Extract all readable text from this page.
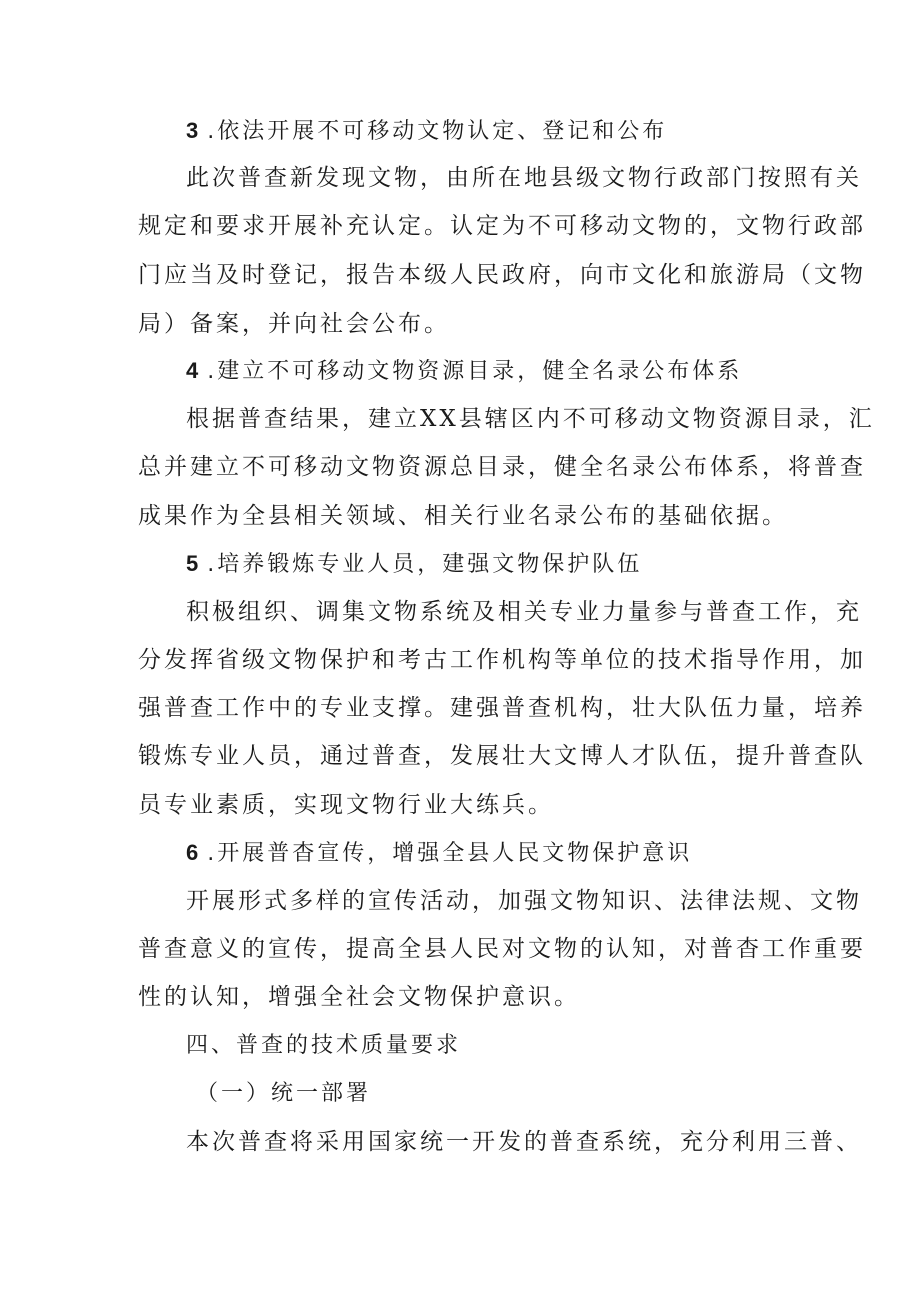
3 .依法开展不可移动文物认定、登记和公布
此次普查新发现文物，由所在地县级文物行政部门按照有关
规定和要求开展补充认定。认定为不可移动文物的，文物行政部
门应当及时登记，报告本级人民政府，向市文化和旅游局（文物
局）备案，并向社会公布。
4 .建立不可移动文物资源目录，健全名录公布体系
根据普查结果，建立XX县辖区内不可移动文物资源目录，汇
总并建立不可移动文物资源总目录，健全名录公布体系，将普查
成果作为全县相关领域、相关行业名录公布的基础依据。
5 .培养锻炼专业人员，建强文物保护队伍
积极组织、调集文物系统及相关专业力量参与普查工作，充
分发挥省级文物保护和考古工作机构等单位的技术指导作用，加
强普查工作中的专业支撑。建强普查机构，壮大队伍力量，培养
锻炼专业人员，通过普查，发展壮大文博人才队伍，提升普查队
员专业素质，实现文物行业大练兵。
6 .开展普杳宣传，增强全县人民文物保护意识
开展形式多样的宣传活动，加强文物知识、法律法规、文物
普查意义的宣传，提高全县人民对文物的认知，对普杳工作重要
性的认知，增强全社会文物保护意识。
四、普查的技术质量要求
（一）统一部署
本次普查将采用国家统一开发的普查系统，充分利用三普、
